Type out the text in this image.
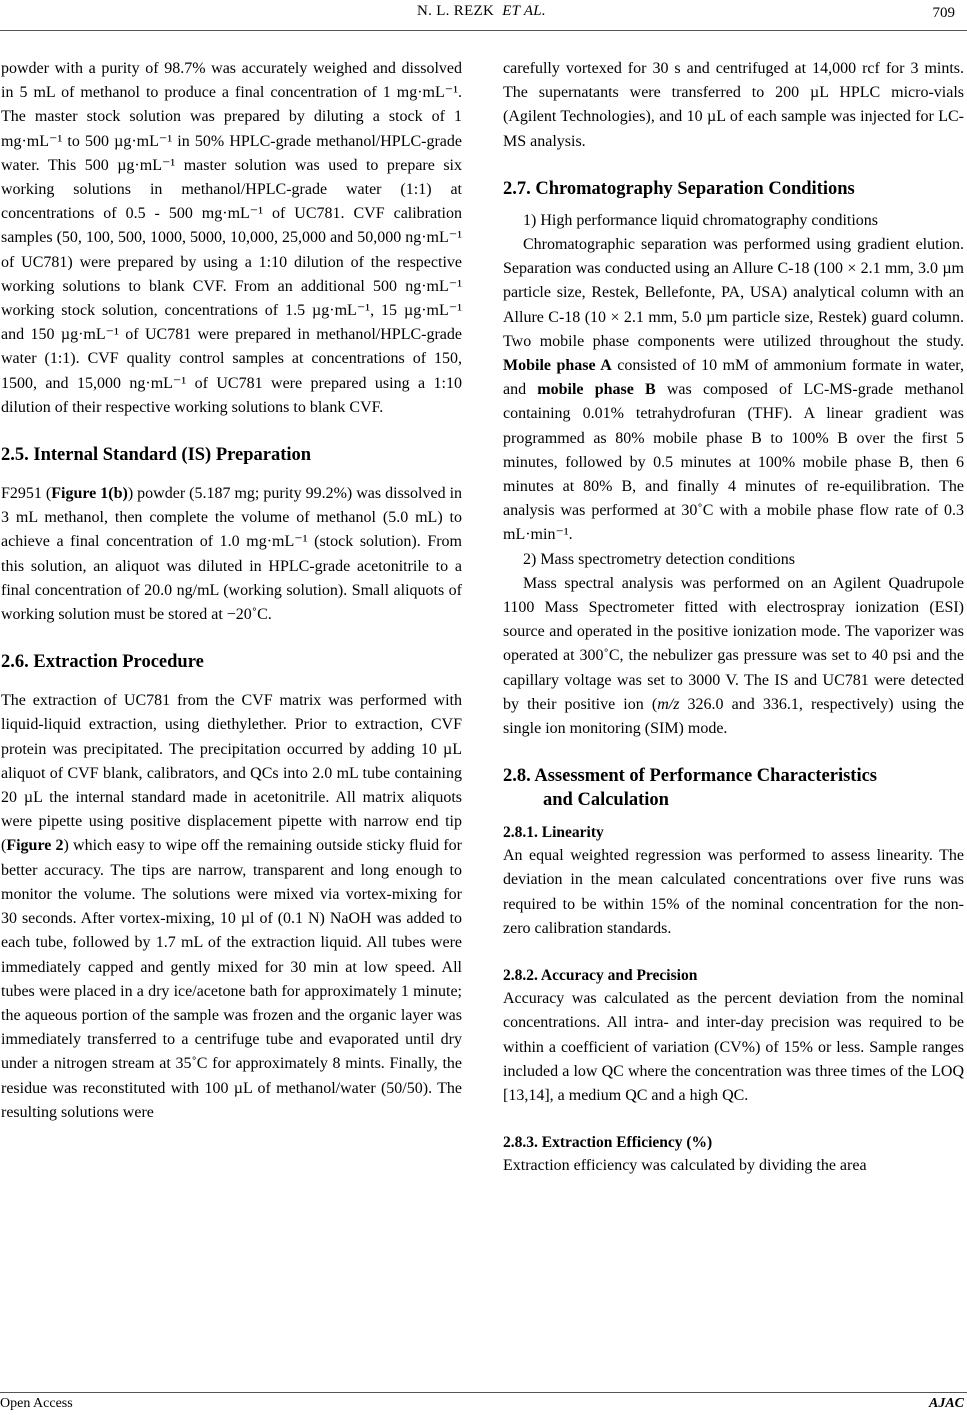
N. L. REZK ET AL.	709

powder with a purity of 98.7% was accurately weighed and dissolved in 5 mL of methanol to produce a final concentration of 1 mg·mL⁻¹. The master stock solution was prepared by diluting a stock of 1 mg·mL⁻¹ to 500 µg·mL⁻¹ in 50% HPLC-grade methanol/HPLC-grade water. This 500 µg·mL⁻¹ master solution was used to prepare six working solutions in methanol/HPLC-grade water (1:1) at concentrations of 0.5 - 500 mg·mL⁻¹ of UC781. CVF calibration samples (50, 100, 500, 1000, 5000, 10,000, 25,000 and 50,000 ng·mL⁻¹ of UC781) were prepared by using a 1:10 dilution of the respective working solutions to blank CVF. From an additional 500 ng·mL⁻¹ working stock solution, concentrations of 1.5 µg·mL⁻¹, 15 µg·mL⁻¹ and 150 µg·mL⁻¹ of UC781 were prepared in methanol/HPLC-grade water (1:1). CVF quality control samples at concentrations of 150, 1500, and 15,000 ng·mL⁻¹ of UC781 were prepared using a 1:10 dilution of their respective working solutions to blank CVF.

2.5. Internal Standard (IS) Preparation

F2951 (Figure 1(b)) powder (5.187 mg; purity 99.2%) was dissolved in 3 mL methanol, then complete the volume of methanol (5.0 mL) to achieve a final concentration of 1.0 mg·mL⁻¹ (stock solution). From this solution, an aliquot was diluted in HPLC-grade acetonitrile to a final concentration of 20.0 ng/mL (working solution). Small aliquots of working solution must be stored at −20˚C.

2.6. Extraction Procedure

The extraction of UC781 from the CVF matrix was performed with liquid-liquid extraction, using diethylether. Prior to extraction, CVF protein was precipitated. The precipitation occurred by adding 10 µL aliquot of CVF blank, calibrators, and QCs into 2.0 mL tube containing 20 µL the internal standard made in acetonitrile. All matrix aliquots were pipette using positive displacement pipette with narrow end tip (Figure 2) which easy to wipe off the remaining outside sticky fluid for better accuracy. The tips are narrow, transparent and long enough to monitor the volume. The solutions were mixed via vortex-mixing for 30 seconds. After vortex-mixing, 10 µl of (0.1 N) NaOH was added to each tube, followed by 1.7 mL of the extraction liquid. All tubes were immediately capped and gently mixed for 30 min at low speed. All tubes were placed in a dry ice/acetone bath for approximately 1 minute; the aqueous portion of the sample was frozen and the organic layer was immediately transferred to a centrifuge tube and evaporated until dry under a nitrogen stream at 35˚C for approximately 8 mints. Finally, the residue was reconstituted with 100 µL of methanol/water (50/50). The resulting solutions were

carefully vortexed for 30 s and centrifuged at 14,000 rcf for 3 mints. The supernatants were transferred to 200 µL HPLC micro-vials (Agilent Technologies), and 10 µL of each sample was injected for LC-MS analysis.

2.7. Chromatography Separation Conditions

1) High performance liquid chromatography conditions

Chromatographic separation was performed using gradient elution. Separation was conducted using an Allure C-18 (100 × 2.1 mm, 3.0 µm particle size, Restek, Bellefonte, PA, USA) analytical column with an Allure C-18 (10 × 2.1 mm, 5.0 µm particle size, Restek) guard column. Two mobile phase components were utilized throughout the study. Mobile phase A consisted of 10 mM of ammonium formate in water, and mobile phase B was composed of LC-MS-grade methanol containing 0.01% tetrahydrofuran (THF). A linear gradient was programmed as 80% mobile phase B to 100% B over the first 5 minutes, followed by 0.5 minutes at 100% mobile phase B, then 6 minutes at 80% B, and finally 4 minutes of re-equilibration. The analysis was performed at 30˚C with a mobile phase flow rate of 0.3 mL·min⁻¹.

2) Mass spectrometry detection conditions

Mass spectral analysis was performed on an Agilent Quadrupole 1100 Mass Spectrometer fitted with electrospray ionization (ESI) source and operated in the positive ionization mode. The vaporizer was operated at 300˚C, the nebulizer gas pressure was set to 40 psi and the capillary voltage was set to 3000 V. The IS and UC781 were detected by their positive ion (m/z 326.0 and 336.1, respectively) using the single ion monitoring (SIM) mode.

2.8. Assessment of Performance Characteristics
and Calculation
2.8.1. Linearity

An equal weighted regression was performed to assess linearity. The deviation in the mean calculated concentrations over five runs was required to be within 15% of the nominal concentration for the non-zero calibration standards.

2.8.2. Accuracy and Precision

Accuracy was calculated as the percent deviation from the nominal concentrations. All intra- and inter-day precision was required to be within a coefficient of variation (CV%) of 15% or less. Sample ranges included a low QC where the concentration was three times of the LOQ [13,14], a medium QC and a high QC.

2.8.3. Extraction Efficiency (%)

Extraction efficiency was calculated by dividing the area

Open Access	AJAC
